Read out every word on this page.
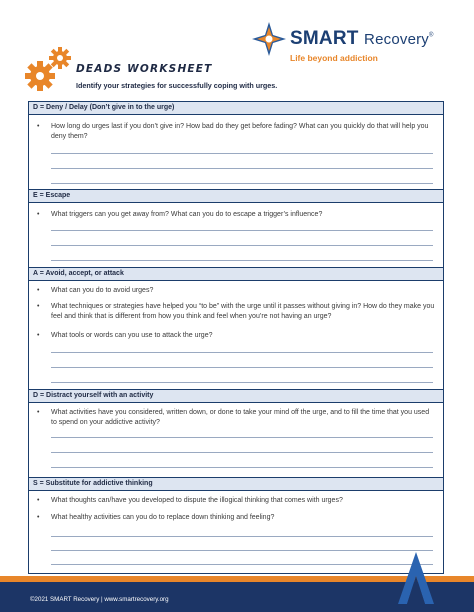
SMART Recovery®
Life beyond addiction
DEADS WORKSHEET
Identify your strategies for successfully coping with urges.
D = Deny / Delay (Don’t give in to the urge)
•	How long do urges last if you don’t give in? How bad do they get before fading? What can you quickly do that will help you deny them?
E = Escape
•	What triggers can you get away from? What can you do to escape a trigger’s influence?
A = Avoid, accept, or attack
•	What can you do to avoid urges?
•	What techniques or strategies have helped you “to be” with the urge until it passes without giving in? How do they make you feel and think that is different from how you think and feel when you’re not having an urge?
•	What tools or words can you use to attack the urge?
D = Distract yourself with an activity
•	What activities have you considered, written down, or done to take your mind off the urge, and to fill the time that you used to spend on your addictive activity?
S = Substitute for addictive thinking
•	What thoughts can/have you developed to dispute the illogical thinking that comes with urges?
•	What healthy activities can you do to replace down thinking and feeling?
©2021 SMART Recovery | www.smartrecovery.org
